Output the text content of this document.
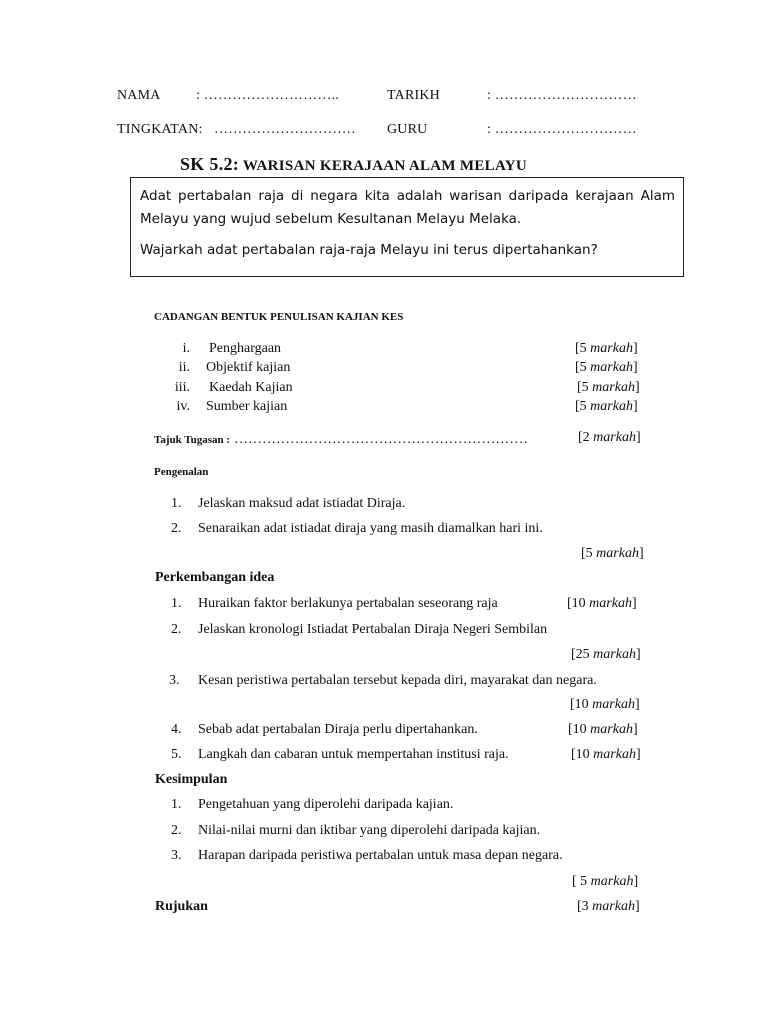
NAMA	: ………………………..	TARIKH	: …………………………
TINGKATAN: ………………………… GURU	: …………………………
SK 5.2: WARISAN KERAJAAN ALAM MELAYU

Adat pertabalan raja di negara kita adalah warisan daripada kerajaan Alam Melayu yang wujud sebelum Kesultanan Melayu Melaka.

Wajarkah adat pertabalan raja-raja Melayu ini terus dipertahankan?

CADANGAN BENTUK PENULISAN KAJIAN KES
i. Penghargaan	[5 markah]
ii. Objektif kajian	[5 markah]
iii. Kaedah Kajian	[5 markah]
iv. Sumber kajian	[5 markah]
Tajuk Tugasan : ………………………………………………………	[2 markah]
Pengenalan
1. Jelaskan maksud adat istiadat Diraja.
2. Senaraikan adat istiadat diraja yang masih diamalkan hari ini.
[5 markah]
Perkembangan idea
1. Huraikan faktor berlakunya pertabalan seseorang raja	[10 markah]
2. Jelaskan kronologi Istiadat Pertabalan Diraja Negeri Sembilan
[25 markah]
3. Kesan peristiwa pertabalan tersebut kepada diri, mayarakat dan negara.
[10 markah]
4. Sebab adat pertabalan Diraja perlu dipertahankan.	[10 markah]
5. Langkah dan cabaran untuk mempertahan institusi raja.	[10 markah]
Kesimpulan
1. Pengetahuan yang diperolehi daripada kajian.
2. Nilai-nilai murni dan iktibar yang diperolehi daripada kajian.
3. Harapan daripada peristiwa pertabalan untuk masa depan negara.
[ 5 markah]
Rujukan	[3 markah]
